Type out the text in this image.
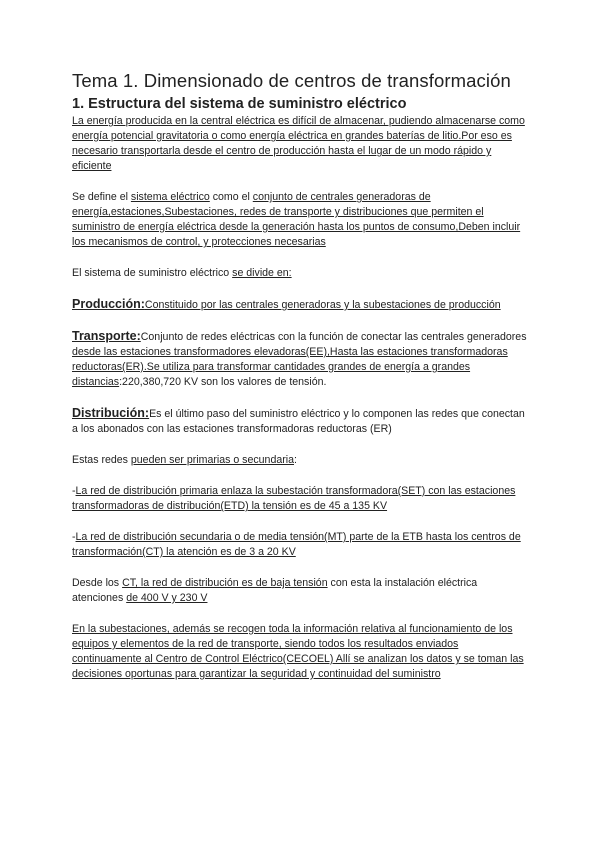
Tema 1. Dimensionado de centros de transformación
1. Estructura del sistema de suministro eléctrico

La energía producida en la central eléctrica es difícil de almacenar, pudiendo almacenarse como energía potencial gravitatoria o como energía eléctrica en grandes baterías de litio.Por eso es necesario transportarla desde el centro de producción hasta el lugar de un modo rápido y eficiente

Se define el sistema eléctrico como el conjunto de centrales generadoras de energía,estaciones,Subestaciones, redes de transporte y distribuciones que permiten el suministro de energía eléctrica desde la generación hasta los puntos de consumo,Deben incluir los mecanismos de control, y protecciones necesarias

El sistema de suministro eléctrico se divide en:

Producción:Constituido por las centrales generadoras y la subestaciones de producción

Transporte:Conjunto de redes eléctricas con la función de conectar las centrales generadores desde las estaciones transformadores elevadoras(EE),Hasta las estaciones transformadoras reductoras(ER).Se utiliza para transformar cantidades grandes de energía a grandes distancias:220,380,720 KV son los valores de tensión.

Distribución:Es el último paso del suministro eléctrico y lo componen las redes que conectan a los abonados con las estaciones transformadoras reductoras (ER)

Estas redes pueden ser primarias o secundaria:

-La red de distribución primaria enlaza la subestación transformadora(SET) con las estaciones transformadoras de distribución(ETD) la tensión es de 45 a 135 KV

-La red de distribución secundaria o de media tensión(MT) parte de la ETB hasta los centros de transformación(CT) la atención es de 3 a 20 KV

Desde los CT, la red de distribución es de baja tensión con esta la instalación eléctrica atenciones de 400 V y 230 V

En la subestaciones, además se recogen toda la información relativa al funcionamiento de los equipos y elementos de la red de transporte, siendo todos los resultados enviados continuamente al Centro de Control Eléctrico(CECOEL) Allí se analizan los datos y se toman las decisiones oportunas para garantizar la seguridad y continuidad del suministro
